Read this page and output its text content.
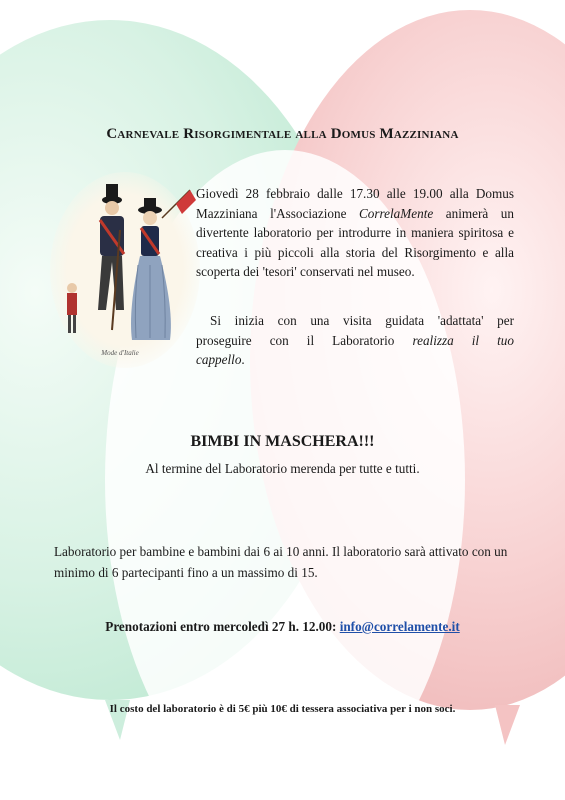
Carnevale Risorgimentale alla Domus Mazziniana
Mode d'Italie

Giovedì 28 febbraio dalle 17.30 alle 19.00 alla Domus Mazziniana l'Associazione CorrelaMente animerà un divertente laboratorio per introdurre in maniera spiritosa e creativa i più piccoli alla storia del Risorgimento e alla scoperta dei 'tesori' conservati nel museo.

Si inizia con una visita guidata 'adattata' per

proseguire con il Laboratorio realizza il tuo

cappello.

BIMBI IN MASCHERA!!!
Al termine del Laboratorio merenda per tutte e tutti.

Laboratorio per bambine e bambini dai 6 ai 10 anni. Il laboratorio sarà attivato con un minimo di 6 partecipanti fino a un massimo di 15.

Prenotazioni entro mercoledì 27 h. 12.00: info@correlamente.it
Il costo del laboratorio è di 5€ più 10€ di tessera associativa per i non soci.
